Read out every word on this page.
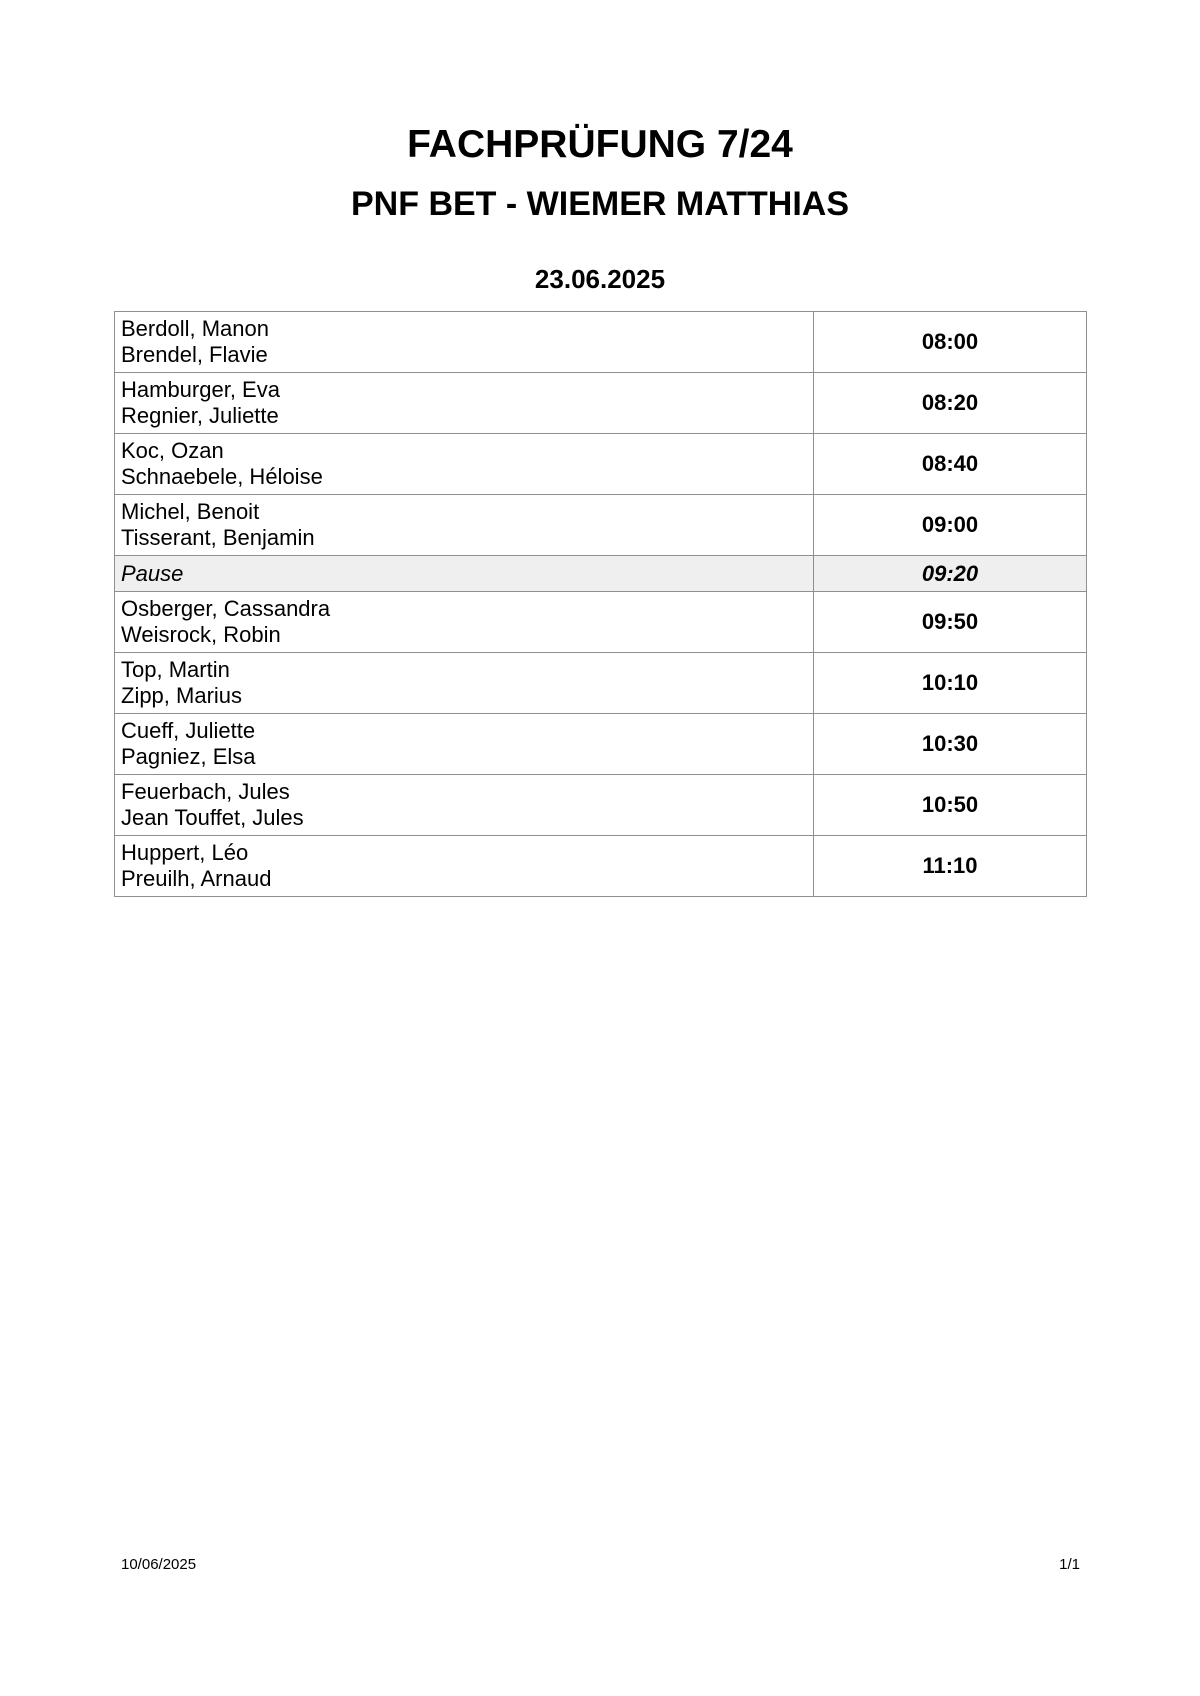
FACHPRÜFUNG 7/24
PNF BET - WIEMER MATTHIAS
23.06.2025
Berdoll, Manon
Brendel, Flavie	08:00

Hamburger, Eva
Regnier, Juliette	08:20

Koc, Ozan
Schnaebele, Héloise	08:40

Michel, Benoit
Tisserant, Benjamin	09:00
Pause	09:20

Osberger, Cassandra
Weisrock, Robin	09:50

Top, Martin
Zipp, Marius	10:10

Cueff, Juliette
Pagniez, Elsa	10:30

Feuerbach, Jules
Jean Touffet, Jules	10:50

Huppert, Léo
Preuilh, Arnaud	11:10
10/06/2025	1/1
